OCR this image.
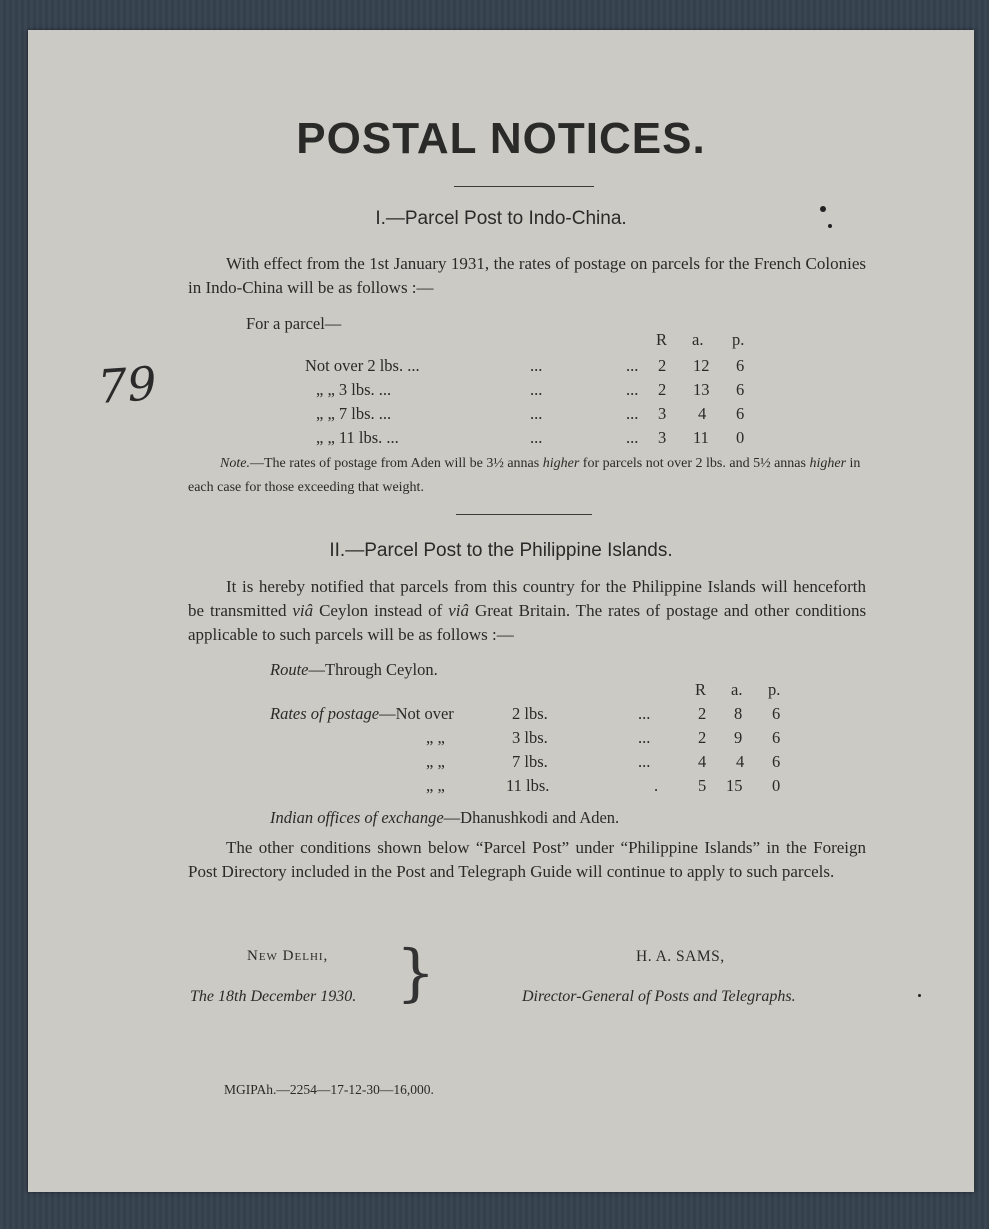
POSTAL NOTICES.
79
I.—Parcel Post to Indo-China.
With effect from the 1st January 1931, the rates of postage on parcels for the French Colonies in Indo-China will be as follows :—
For a parcel—
R a. p.
Not over 2 lbs. ...	...	... 2 12 6
„ „ 3 lbs. ...	...	... 2 13 6
„ „ 7 lbs. ...	...	... 3 4 6
„ „ 11 lbs. ...	...	... 3 11 0
Note.—The rates of postage from Aden will be 3½ annas higher for parcels not over 2 lbs. and 5½ annas higher in each case for those exceeding that weight.
II.—Parcel Post to the Philippine Islands.
It is hereby notified that parcels from this country for the Philippine Islands will henceforth be transmitted viâ Ceylon instead of viâ Great Britain. The rates of postage and other conditions applicable to such parcels will be as follows :—
Route—Through Ceylon.
R a. p.
Rates of postage—Not over	2 lbs.	...	2 8 6
„ „	3 lbs.	...	2 9 6
„ „	7 lbs.	...	4 4 6
„ „	11 lbs.	. 5 15 0
Indian offices of exchange—Dhanushkodi and Aden.
The other conditions shown below “Parcel Post” under “Philippine Islands” in the Foreign Post Directory included in the Post and Telegraph Guide will continue to apply to such parcels.
New Delhi,
The 18th December 1930. }	H. A. SAMS,
Director-General of Posts and Telegraphs.
MGIPAh.—2254—17-12-30—16,000.
